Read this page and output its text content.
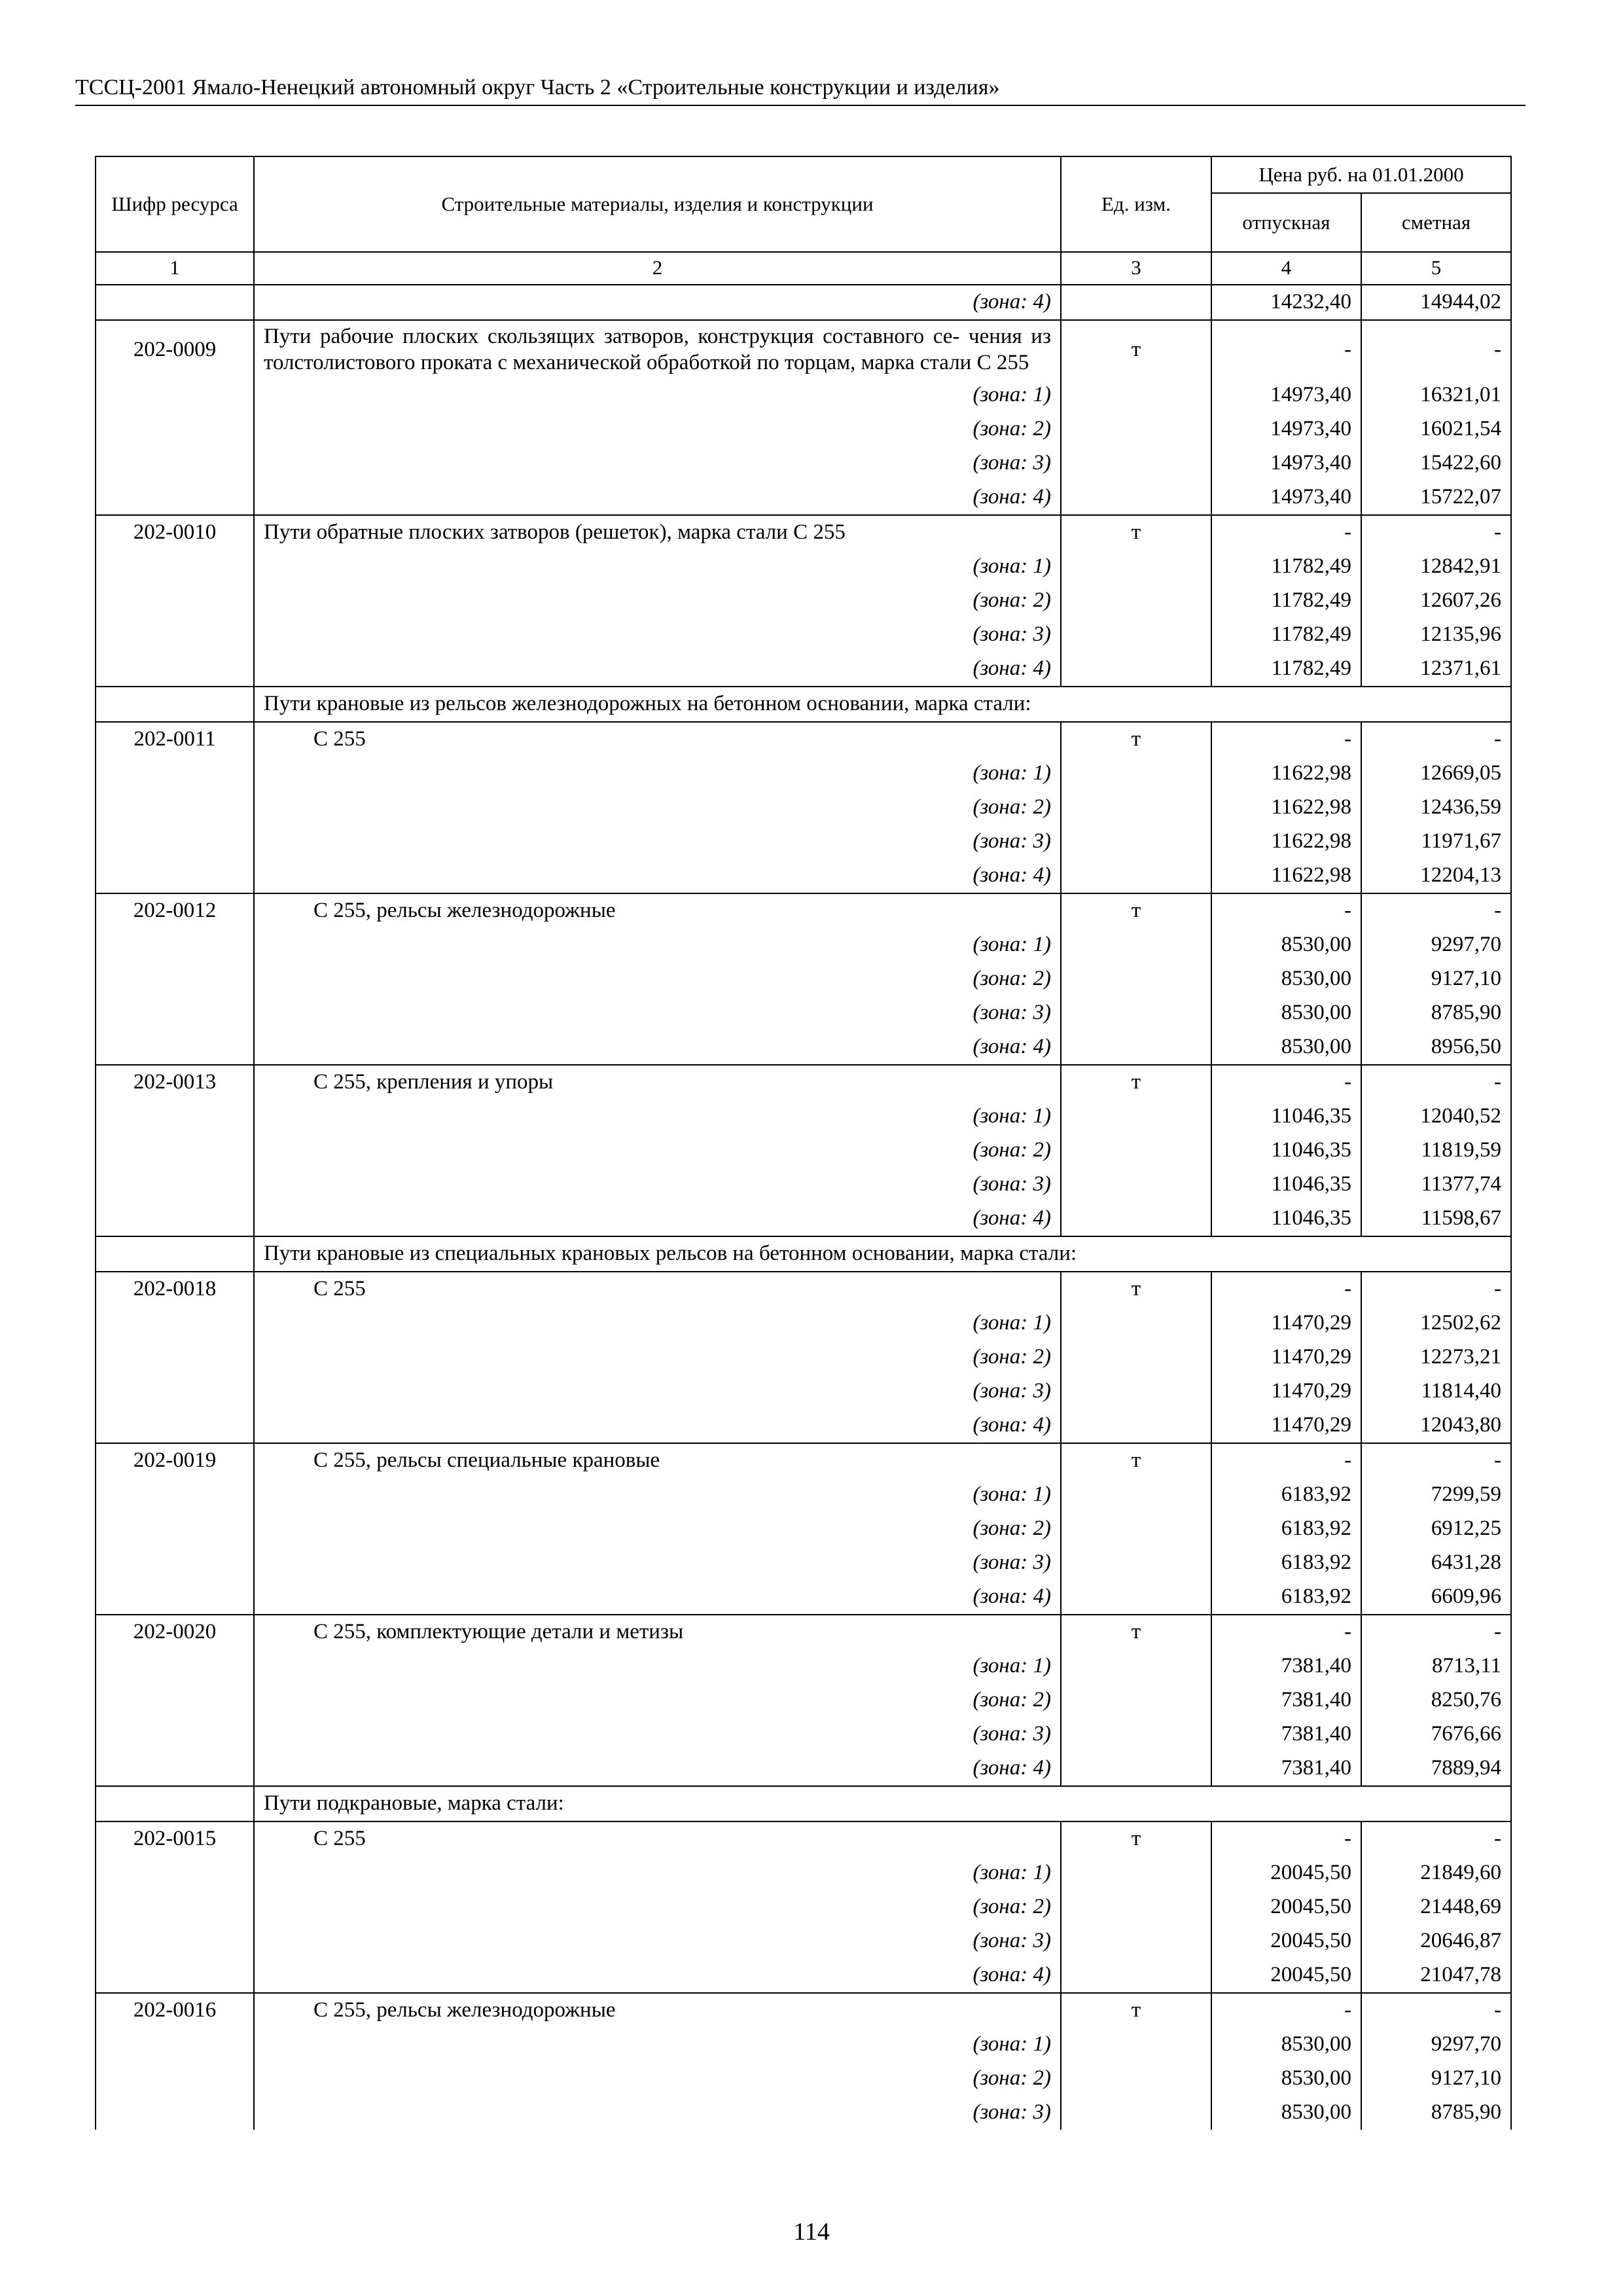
ТССЦ-2001 Ямало-Ненецкий автономный округ Часть 2 «Строительные конструкции и изделия»
Шифр ресурса	Строительные материалы, изделия и конструкции	Ед. изм.	Цена руб. на 01.01.2000	
			отпускная	сметная
1	2	3	4	5
	(зона: 4)		14232,40	14944,02
202-0009	Пути рабочие плоских скользящих затворов, конструкция составного се- чения из толстолистового проката с механической обработкой по торцам, марка стали С 255	т	-	-
	(зона: 1)		14973,40	16321,01
	(зона: 2)		14973,40	16021,54
	(зона: 3)		14973,40	15422,60
	(зона: 4)		14973,40	15722,07
202-0010	Пути обратные плоских затворов (решеток), марка стали С 255	т	-	-
	(зона: 1)		11782,49	12842,91
	(зона: 2)		11782,49	12607,26
	(зона: 3)		11782,49	12135,96
	(зона: 4)		11782,49	12371,61
	Пути крановые из рельсов железнодорожных на бетонном основании, марка стали:			
202-0011	С 255	т	-	-
	(зона: 1)		11622,98	12669,05
	(зона: 2)		11622,98	12436,59
	(зона: 3)		11622,98	11971,67
	(зона: 4)		11622,98	12204,13
202-0012	С 255, рельсы железнодорожные	т	-	-
	(зона: 1)		8530,00	9297,70
	(зона: 2)		8530,00	9127,10
	(зона: 3)		8530,00	8785,90
	(зона: 4)		8530,00	8956,50
202-0013	С 255, крепления и упоры	т	-	-
	(зона: 1)		11046,35	12040,52
	(зона: 2)		11046,35	11819,59
	(зона: 3)		11046,35	11377,74
	(зона: 4)		11046,35	11598,67
	Пути крановые из специальных крановых рельсов на бетонном основании, марка стали:			
202-0018	С 255	т	-	-
	(зона: 1)		11470,29	12502,62
	(зона: 2)		11470,29	12273,21
	(зона: 3)		11470,29	11814,40
	(зона: 4)		11470,29	12043,80
202-0019	С 255, рельсы специальные крановые	т	-	-
	(зона: 1)		6183,92	7299,59
	(зона: 2)		6183,92	6912,25
	(зона: 3)		6183,92	6431,28
	(зона: 4)		6183,92	6609,96
202-0020	С 255, комплектующие детали и метизы	т	-	-
	(зона: 1)		7381,40	8713,11
	(зона: 2)		7381,40	8250,76
	(зона: 3)		7381,40	7676,66
	(зона: 4)		7381,40	7889,94
	Пути подкрановые, марка стали:			
202-0015	С 255	т	-	-
	(зона: 1)		20045,50	21849,60
	(зона: 2)		20045,50	21448,69
	(зона: 3)		20045,50	20646,87
	(зона: 4)		20045,50	21047,78
202-0016	С 255, рельсы железнодорожные	т	-	-
	(зона: 1)		8530,00	9297,70
	(зона: 2)		8530,00	9127,10
	(зона: 3)		8530,00	8785,90
114
